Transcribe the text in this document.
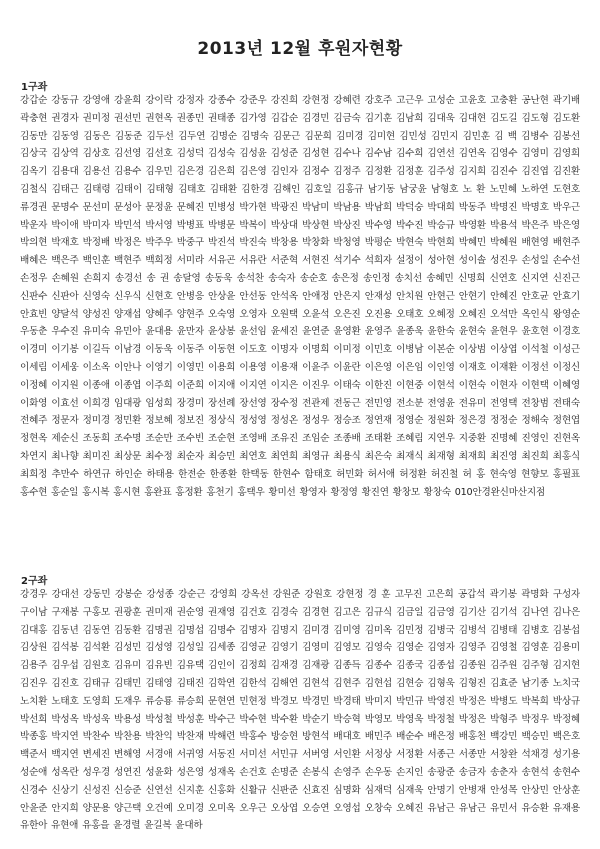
2013년 12월 후원자현황
1구좌
강갑순 강동규 강영애 강윤희 강이락 강정자 강종수 강준우 강진희 강현정 강혜련 강호주 고근우 고성순 고윤호 고충환 공난현 곽기배 곽충현 권경자 권미정 권선민 권현옥 권종민 권태종 김가영 김갑순 김경민 김금숙 김기훈 김남희 김대욱 김대현 김도길 김도형 김도환 김동만 김동영 김동은 김동준 김두선 김두연 김명순 김명숙 김문근 김문희 김미경 김미현 김민성 김민지 김민훈 김 백 김병수 김봉선 김상국 김상역 김상호 김선영 김선호 김성덕 김성숙 김성윤 김성준 김성현 김수나 김수남 김수희 김연선 김연옥 김영수 김영미 김영희 김옥기 김용대 김용선 김용수 김우민 김은경 김은희 김은영 김인자 김정수 김정주 김정환 김정훈 김주성 김지희 김진수 김진엽 김진환 김철식 김태근 김태령 김태이 김태형 김태호 김태환 김한경 김해인 김호일 김홍규 남기동 남궁윤 남형호 노 환 노민혜 노하연 도현호 류경권 문명수 문선미 문성아 문정윤 문혜진 민병성 박가현 박광진 박남미 박남용 박남희 박덕숭 박대희 박동주 박명진 박명호 박우근 박운자 박이애 박미자 박민석 박서영 박병표 박병문 박복이 박상대 박상현 박상진 박수영 박수진 박승규 박영환 박용석 박은주 박은영 박의현 박재호 박정배 박정은 박주우 박중구 박진석 박진숙 박창용 박창화 박청영 박평순 박현숙 박현희 박혜민 박혜원 배현영 배현주 배혜은 백은주 백인훈 백현주 백희정 서미라 서유곤 서유란 서준혁 서현진 석기수 석희자 설정이 성아현 성이솔 성진우 손성일 손수선 손정우 손혜원 손희지 송경선 송 권 송달영 송동욱 송석찬 송숙자 송순호 송은정 송인정 송치선 송혜민 신명희 신연호 신지연 신진근 신판수 신판아 신영숙 신우식 신현호 안병응 안상윤 안선동 안석옥 안애정 안은지 안재성 안치원 안현근 안현기 안혜진 안호균 안효기 안효빈 양달석 양성진 양재섭 양혜주 양현주 오숙영 오영자 오원택 오윤석 오은진 오진용 오태호 오혜정 오혜진 오석만 옥인식 왕영순 우동춘 우수진 유미숙 유민아 윤대용 윤만자 윤상봉 윤선임 윤세진 윤연준 윤영환 윤영주 윤종욱 윤한숙 윤현숙 윤현우 윤호현 이경호 이경미 이기봉 이길득 이남경 이동욱 이동주 이동현 이도호 이명자 이명희 이미정 이민호 이병남 이본순 이상범 이상엽 이석철 이성근 이세림 이세웅 이소옥 이안나 이영기 이영민 이용희 이용영 이용재 이윤주 이윤란 이은영 이은임 이인영 이재호 이재환 이정선 이정신 이정혜 이지원 이종애 이종엽 이주희 이준희 이지애 이지연 이지은 이진우 이태숙 이한진 이현중 이현석 이현숙 이현자 이현택 이혜영 이화영 이효선 이희경 임대광 임성희 장경미 장선례 장선영 장수정 전관제 전동근 전민영 전소분 전영윤 전유미 전영택 전창범 전태숙 전혜주 정문자 정미경 정민환 정보혜 정보진 정상식 정성영 정성온 정성우 정승조 정연재 정영순 정원화 정은경 정정순 정해숙 정현엽 정현옥 제순신 조동희 조수명 조순만 조수빈 조순현 조영배 조유진 조임순 조종배 조태환 조혜림 지연우 지중환 진명혜 진영인 진현옥 차연지 최나향 최미진 최상문 최수정 최순자 최승민 최연호 최연희 최영규 최용식 최은숙 최재식 최재형 최재희 최진영 최진희 최홍식 최희정 추만수 하연규 하인순 하태용 한전순 한종환 한택동 한현수 함태호 허민화 허서애 허정환 허진철 허 홍 현숙영 현향모 홍필표 홍수현 홍순일 홍시복 홍시현 홍완표 홍정환 홍천기 홍택우 황미선 황영자 황정영 황진연 황창모 황창숙 010안경완신마산지점
2구좌
강경우 강대선 강동민 강봉순 강성종 강순근 강영희 강옥선 강원준 강원호 강현정 경 훈 고무진 고은희 공갑석 곽기봉 곽명화 구성자 구이남 구재봉 구홍모 권광훈 권미재 권순영 권재영 김건호 김경숙 김경현 김고은 김규식 김금일 김금영 김기산 김기석 김나연 김나은 김대홍 김동년 김동연 김동환 김명권 김명섭 김명수 김명자 김명지 김미경 김미영 김미옥 김민정 김병국 김병석 김병태 김병호 김봉섭 김상원 김석봉 김석환 김성민 김성영 김성일 김세종 김영균 김영기 김영미 김영모 김영숙 김영순 김영자 김영주 김영철 김영훈 김용미 김용주 김우섭 김원호 김유미 김유빈 김유택 김인이 김정희 김재경 김재광 김종득 김종수 김종국 김종섭 김종원 김주원 김주형 김지현 김진우 김진호 김태규 김태민 김태영 김태진 김학연 김한석 김해연 김현석 김현주 김현섭 김현승 김형욱 김형진 김효준 남기종 노치국 노치환 노태호 도영희 도재우 류승룡 류승희 문현연 민현정 박경모 박경민 박경태 박미지 박민규 박영진 박정은 박병도 박복희 박상규 박선희 박성옥 박성욱 박용성 박성철 박성훈 박수근 박수현 박수환 박순기 박승혁 박영모 박영욱 박정철 박정은 박형주 박정우 박정혜 박종홍 박지연 박찬수 박찬용 박찬익 박찬재 박해련 박홍수 방승현 방현석 배대호 배민주 배순수 배은정 배홍천 백강민 백승민 백은호 백준서 백지연 변세진 변해영 서경애 서귀영 서동진 서미선 서민규 서버영 서인환 서정상 서정환 서종근 서종만 서창완 석채경 성기용 성순애 성옥란 성우경 성연진 성윤화 성은영 성재옥 손건호 손명준 손봉식 손영주 손우동 손지인 송광준 송금자 송춘자 송현석 송현수 신경수 신상기 신성진 신승준 신연선 신지훈 신홍화 신활규 신판준 신효진 심명화 심재덕 심재욱 안명기 안병재 안성목 안상민 안상훈 안윤준 안지희 양문용 양근택 오건예 오미경 오미옥 오우근 오상엽 오승연 오영섭 오창숙 오혜진 유남근 유남근 유민서 유승환 유재용 유한아 유현애 유홍을 윤경렬 윤길복 윤대하
